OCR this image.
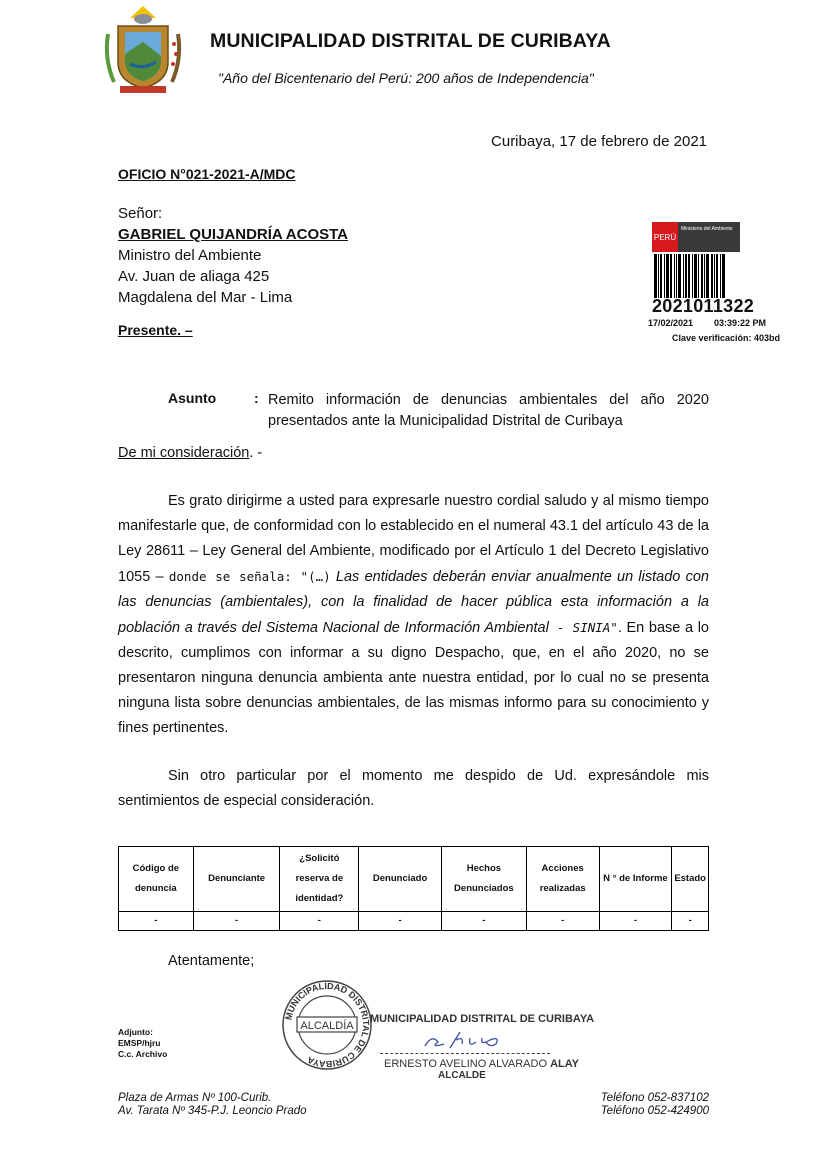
MUNICIPALIDAD DISTRITAL DE CURIBAYA
"Año del Bicentenario del Perú: 200 años de Independencia"
Curibaya, 17 de febrero de 2021
OFICIO N°021-2021-A/MDC
Señor:
GABRIEL QUIJANDRÍA ACOSTA
Ministro del Ambiente
Av. Juan de aliaga 425
Magdalena del Mar - Lima
Presente. –
PERÚ
Ministerio del Ambiente
2021011322
17/02/2021 03:39:22 PM
Clave verificación: 403bd
Asunto	: Remito información de denuncias ambientales del año 2020 presentados ante la Municipalidad Distrital de Curibaya
De mi consideración. -
Es grato dirigirme a usted para expresarle nuestro cordial saludo y al mismo tiempo manifestarle que, de conformidad con lo establecido en el numeral 43.1 del artículo 43 de la Ley 28611 – Ley General del Ambiente, modificado por el Artículo 1 del Decreto Legislativo 1055 – donde se señala: "(…) Las entidades deberán enviar anualmente un listado con las denuncias (ambientales), con la finalidad de hacer pública esta información a la población a través del Sistema Nacional de Información Ambiental - SINIA". En base a lo descrito, cumplimos con informar a su digno Despacho, que, en el año 2020, no se presentaron ninguna denuncia ambienta ante nuestra entidad, por lo cual no se presenta ninguna lista sobre denuncias ambientales, de las mismas informo para su conocimiento y fines pertinentes.
Sin otro particular por el momento me despido de Ud. expresándole mis sentimientos de especial consideración.
Código de denuncia	Denunciante	¿Solicitó reserva de identidad?	Denunciado	Hechos Denunciados	Acciones realizadas	N ° de Informe	Estado
-	-	-	-	-	-	-	-
Atentamente;
Adjunto:
EMSP/hjru
C.c. Archivo
MUNICIPALIDAD DISTRITAL DE CURIBAYA
ALCALDÍA
MUNICIPALIDAD DISTRITAL DE CURIBAYA
ERNESTO AVELINO ALVARADO ALAY
ALCALDE
Plaza de Armas Nº 100-Curib.
Av. Tarata Nº 345-P.J. Leoncio Prado
Teléfono 052-837102
Teléfono 052-424900
